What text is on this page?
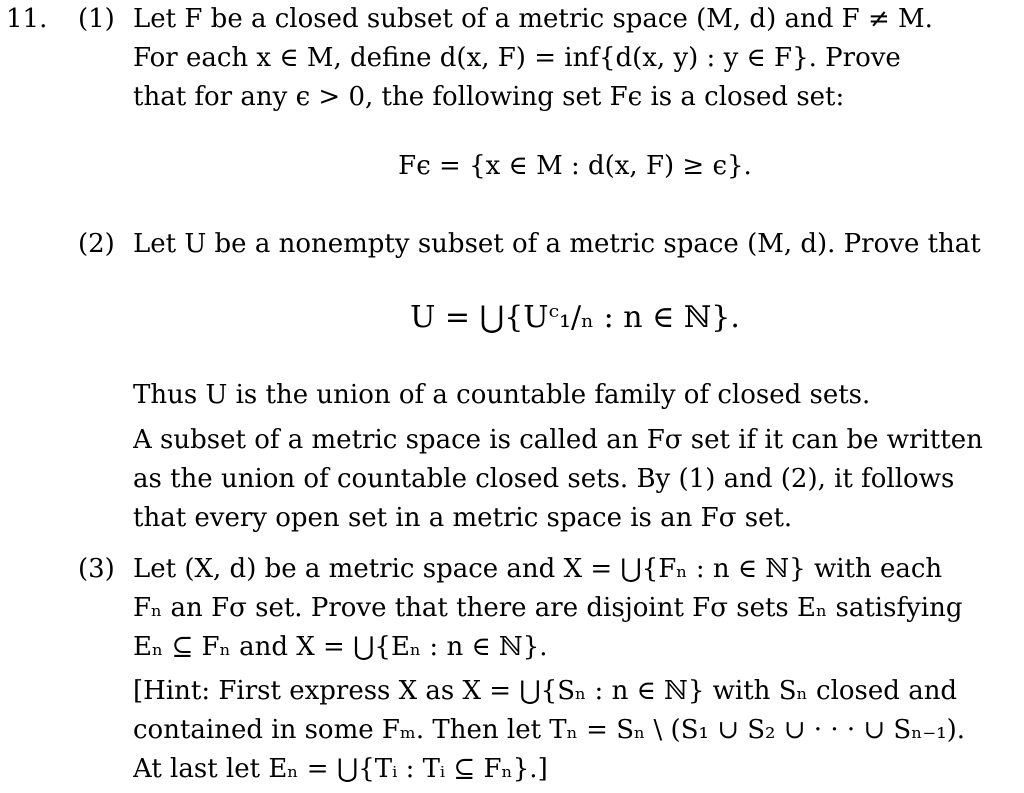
11. (1) Let F be a closed subset of a metric space (M, d) and F ≠ M.
For each x ∈ M, define d(x, F) = inf{d(x, y) : y ∈ F}. Prove
that for any ϵ > 0, the following set Fϵ is a closed set:
Fϵ = {x ∈ M : d(x, F) ≥ ϵ}.
(2) Let U be a nonempty subset of a metric space (M, d). Prove that
U = ⋃{Uᶜ₁/ₙ : n ∈ ℕ}.
Thus U is the union of a countable family of closed sets.
A subset of a metric space is called an Fσ set if it can be written
as the union of countable closed sets. By (1) and (2), it follows
that every open set in a metric space is an Fσ set.
(3) Let (X, d) be a metric space and X = ⋃{Fₙ : n ∈ ℕ} with each
Fₙ an Fσ set. Prove that there are disjoint Fσ sets Eₙ satisfying
Eₙ ⊆ Fₙ and X = ⋃{Eₙ : n ∈ ℕ}.
[Hint: First express X as X = ⋃{Sₙ : n ∈ ℕ} with Sₙ closed and
contained in some Fₘ. Then let Tₙ = Sₙ \ (S₁ ∪ S₂ ∪ · · · ∪ Sₙ₋₁).
At last let Eₙ = ⋃{Tᵢ : Tᵢ ⊆ Fₙ}.]
